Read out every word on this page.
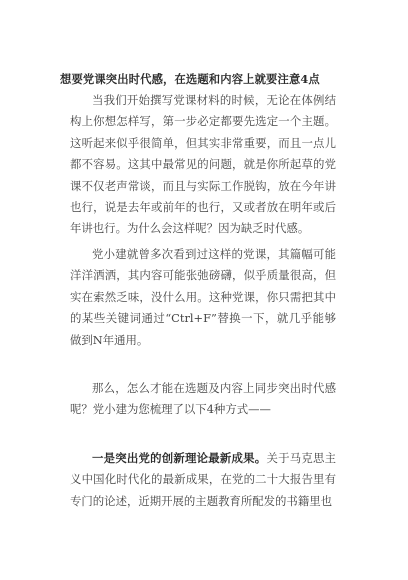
想要党课突出时代感，在选题和内容上就要注意4点

当我们开始撰写党课材料的时候，无论在体例结构上你想怎样写，第一步必定都要先选定一个主题。这听起来似乎很简单，但其实非常重要，而且一点儿都不容易。这其中最常见的问题，就是你所起草的党课不仅老声常谈，而且与实际工作脱钩，放在今年讲也行，说是去年或前年的也行，又或者放在明年或后年讲也行。为什么会这样呢？因为缺乏时代感。

党小建就曾多次看到过这样的党课，其篇幅可能洋洋洒洒，其内容可能张弛磅礴，似乎质量很高，但实在索然乏味，没什么用。这种党课，你只需把其中的某些关键词通过“Ctrl+F”替换一下，就几乎能够做到N年通用。

那么，怎么才能在选题及内容上同步突出时代感呢？党小建为您梳理了以下4种方式——

一是突出党的创新理论最新成果。关于马克思主义中国化时代化的最新成果，在党的二十大报告里有专门的论述，近期开展的主题教育所配发的书籍里也
